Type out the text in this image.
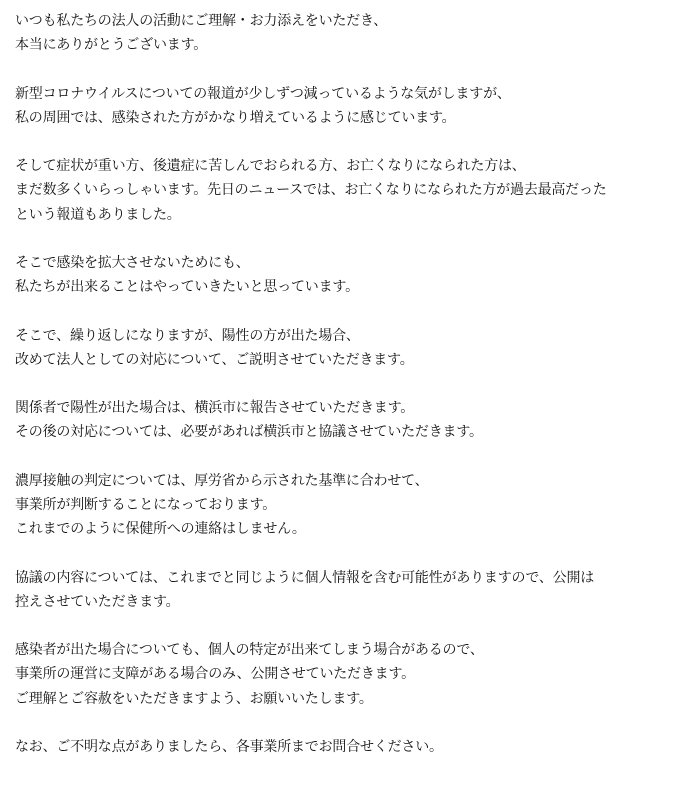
いつも私たちの法人の活動にご理解・お力添えをいただき、
本当にありがとうございます。
新型コロナウイルスについての報道が少しずつ減っているような気がしますが、
私の周囲では、感染された方がかなり増えているように感じています。
そして症状が重い方、後遺症に苦しんでおられる方、お亡くなりになられた方は、
まだ数多くいらっしゃいます。先日のニュースでは、お亡くなりになられた方が過去最高だった
という報道もありました。
そこで感染を拡大させないためにも、
私たちが出来ることはやっていきたいと思っています。
そこで、繰り返しになりますが、陽性の方が出た場合、
改めて法人としての対応について、ご説明させていただきます。
関係者で陽性が出た場合は、横浜市に報告させていただきます。
その後の対応については、必要があれば横浜市と協議させていただきます。
濃厚接触の判定については、厚労省から示された基準に合わせて、
事業所が判断することになっております。
これまでのように保健所への連絡はしません。
協議の内容については、これまでと同じように個人情報を含む可能性がありますので、公開は
控えさせていただきます。
感染者が出た場合についても、個人の特定が出来てしまう場合があるので、
事業所の運営に支障がある場合のみ、公開させていただきます。
ご理解とご容赦をいただきますよう、お願いいたします。
なお、ご不明な点がありましたら、各事業所までお問合せください。
